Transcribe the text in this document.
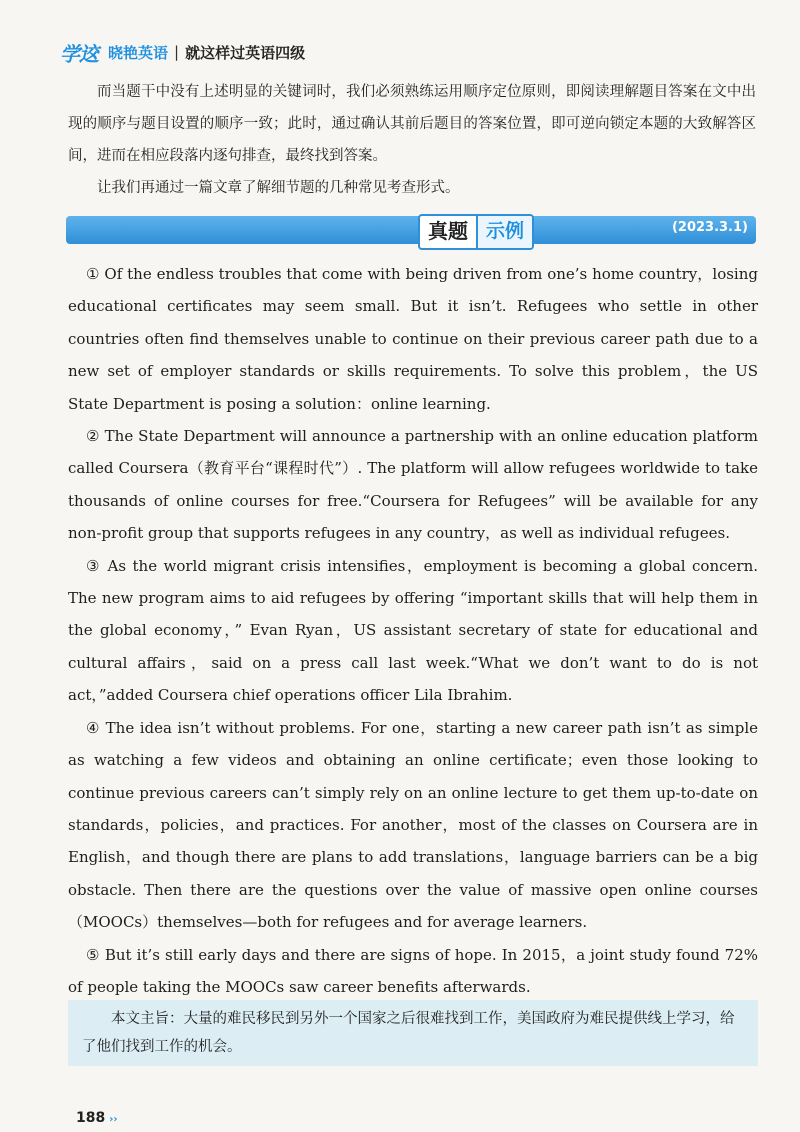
学䢒 晓艳英语 | 就这样过英语四级

而当题干中没有上述明显的关键词时，我们必须熟练运用顺序定位原则，即阅读理解题目答案在文中出现的顺序与题目设置的顺序一致；此时，通过确认其前后题目的答案位置，即可逆向锁定本题的大致解答区间，进而在相应段落内逐句排查，最终找到答案。

让我们再通过一篇文章了解细节题的几种常见考查形式。

真题 示例	(2023.3.1)

① Of the endless troubles that come with being driven from one’s home country，losing educational certificates may seem small. But it isn’t. Refugees who settle in other countries often find themselves unable to continue on their previous career path due to a new set of employer standards or skills requirements. To solve this problem，the US State Department is posing a solution：online learning.

② The State Department will announce a partnership with an online education platform called Coursera（教育平台“课程时代”）. The platform will allow refugees worldwide to take thousands of online courses for free.“Coursera for Refugees” will be available for any non-profit group that supports refugees in any country，as well as individual refugees.

③ As the world migrant crisis intensifies，employment is becoming a global concern. The new program aims to aid refugees by offering “important skills that will help them in the global economy，” Evan Ryan，US assistant secretary of state for educational and cultural affairs，said on a press call last week.“What we don’t want to do is not act，”added Coursera chief operations officer Lila Ibrahim.

④ The idea isn’t without problems. For one，starting a new career path isn’t as simple as watching a few videos and obtaining an online certificate；even those looking to continue previous careers can’t simply rely on an online lecture to get them up-to-date on standards，policies，and practices. For another，most of the classes on Coursera are in English，and though there are plans to add translations，language barriers can be a big obstacle. Then there are the questions over the value of massive open online courses（MOOCs）themselves—both for refugees and for average learners.

⑤ But it’s still early days and there are signs of hope. In 2015，a joint study found 72% of people taking the MOOCs saw career benefits afterwards.

本文主旨：大量的难民移民到另外一个国家之后很难找到工作，美国政府为难民提供线上学习，给了他们找到工作的机会。

188 ››
